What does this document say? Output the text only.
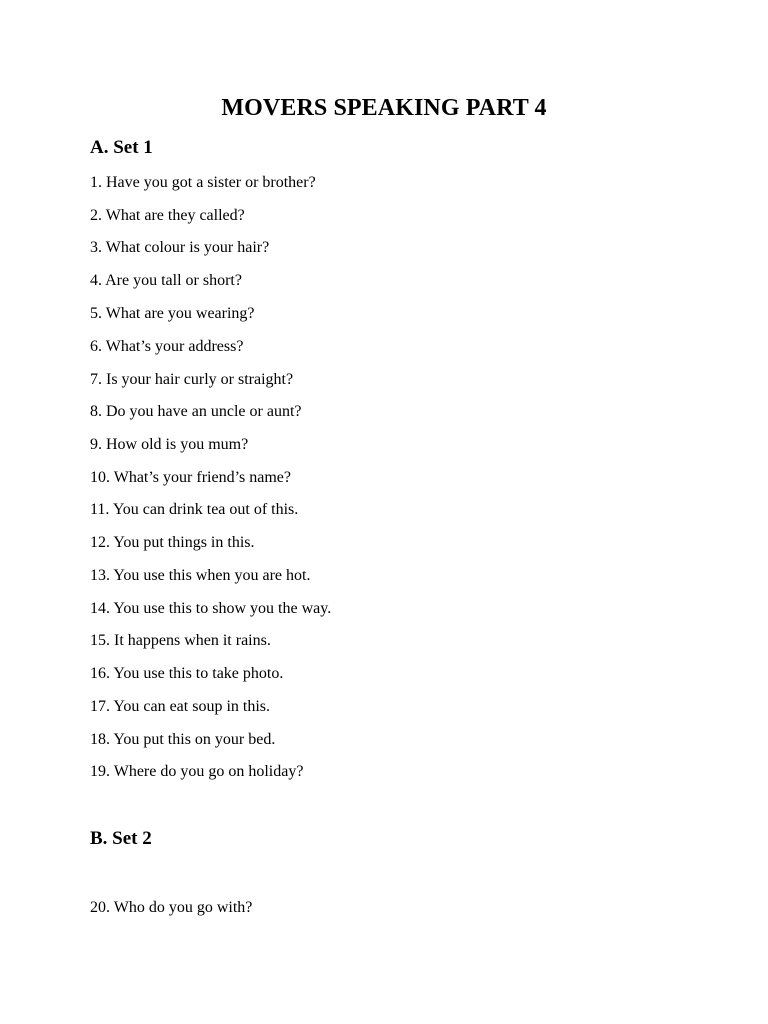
MOVERS SPEAKING PART 4
A. Set 1
1. Have you got a sister or brother?
2. What are they called?
3. What colour is your hair?
4. Are you tall or short?
5. What are you wearing?
6. What’s your address?
7. Is your hair curly or straight?
8. Do you have an uncle or aunt?
9. How old is you mum?
10. What’s your friend’s name?
11. You can drink tea out of this.
12. You put things in this.
13. You use this when you are hot.
14. You use this to show you the way.
15. It happens when it rains.
16. You use this to take photo.
17. You can eat soup in this.
18. You put this on your bed.
19. Where do you go on holiday?
B. Set 2
20. Who do you go with?
